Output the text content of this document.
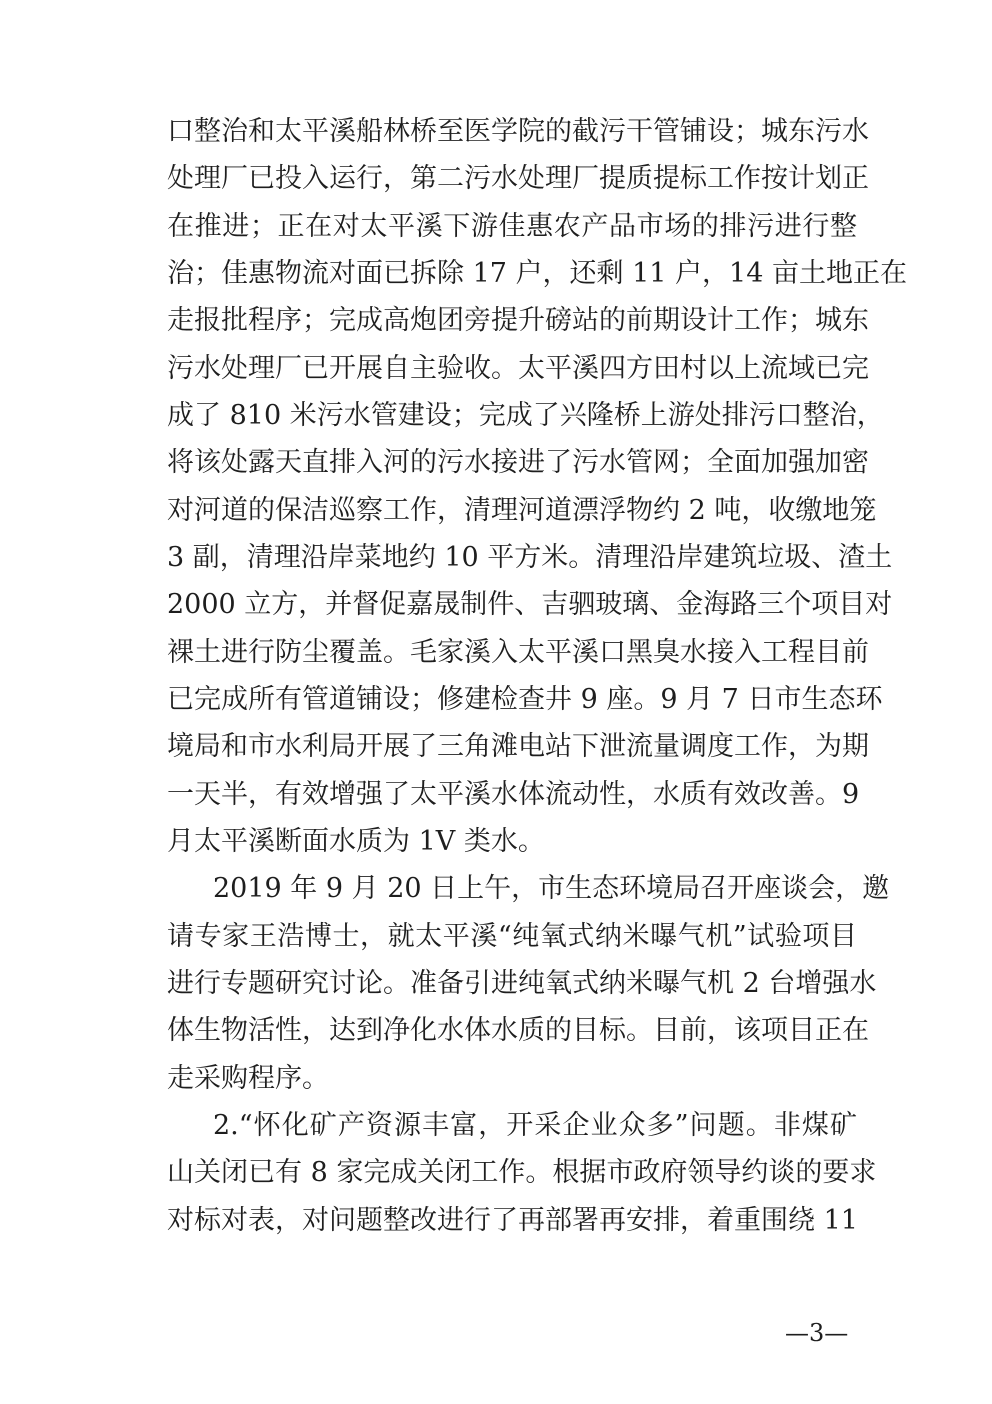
口整治和太平溪船林桥至医学院的截污干管铺设；城东污水
处理厂已投入运行，第二污水处理厂提质提标工作按计划正
在推进；正在对太平溪下游佳惠农产品市场的排污进行整
治；佳惠物流对面已拆除 17 户，还剩 11 户，14 亩土地正在
走报批程序；完成高炮团旁提升磅站的前期设计工作；城东
污水处理厂已开展自主验收。太平溪四方田村以上流域已完
成了 810 米污水管建设；完成了兴隆桥上游处排污口整治，
将该处露天直排入河的污水接进了污水管网；全面加强加密
对河道的保洁巡察工作，清理河道漂浮物约 2 吨，收缴地笼
3 副，清理沿岸菜地约 10 平方米。清理沿岸建筑垃圾、渣土
2000 立方，并督促嘉晟制件、吉驷玻璃、金海路三个项目对
裸土进行防尘覆盖。毛家溪入太平溪口黑臭水接入工程目前
已完成所有管道铺设；修建检查井 9 座。9 月 7 日市生态环
境局和市水利局开展了三角滩电站下泄流量调度工作，为期
一天半，有效增强了太平溪水体流动性，水质有效改善。9
月太平溪断面水质为 1V 类水。
2019 年 9 月 20 日上午，市生态环境局召开座谈会，邀
请专家王浩博士，就太平溪“纯氧式纳米曝气机”试验项目
进行专题研究讨论。准备引进纯氧式纳米曝气机 2 台增强水
体生物活性，达到净化水体水质的目标。目前，该项目正在
走采购程序。
2.“怀化矿产资源丰富，开采企业众多”问题。非煤矿
山关闭已有 8 家完成关闭工作。根据市政府领导约谈的要求
对标对表，对问题整改进行了再部署再安排，着重围绕 11
—3—
